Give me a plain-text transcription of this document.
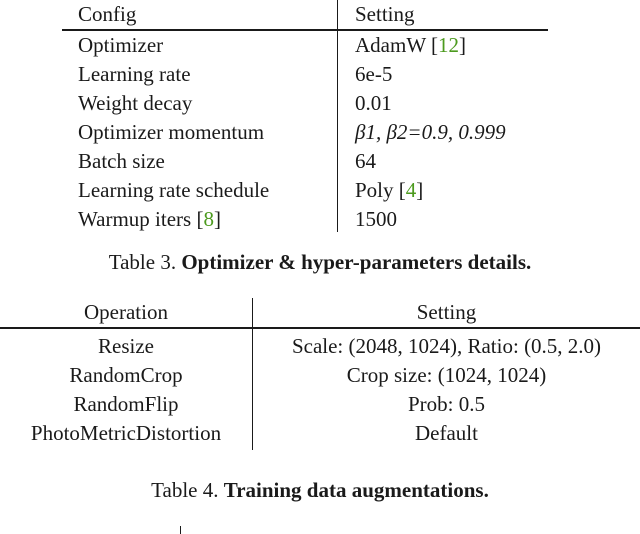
Config	Setting
Optimizer	AdamW [12]
Learning rate	6e-5
Weight decay	0.01
Optimizer momentum	β1, β2=0.9, 0.999
Batch size	64
Learning rate schedule	Poly [4]
Warmup iters [8]	1500
Table 3. Optimizer & hyper-parameters details.
Operation	Setting
Resize	Scale: (2048, 1024), Ratio: (0.5, 2.0)
RandomCrop	Crop size: (1024, 1024)
RandomFlip	Prob: 0.5
PhotoMetricDistortion	Default
Table 4. Training data augmentations.
